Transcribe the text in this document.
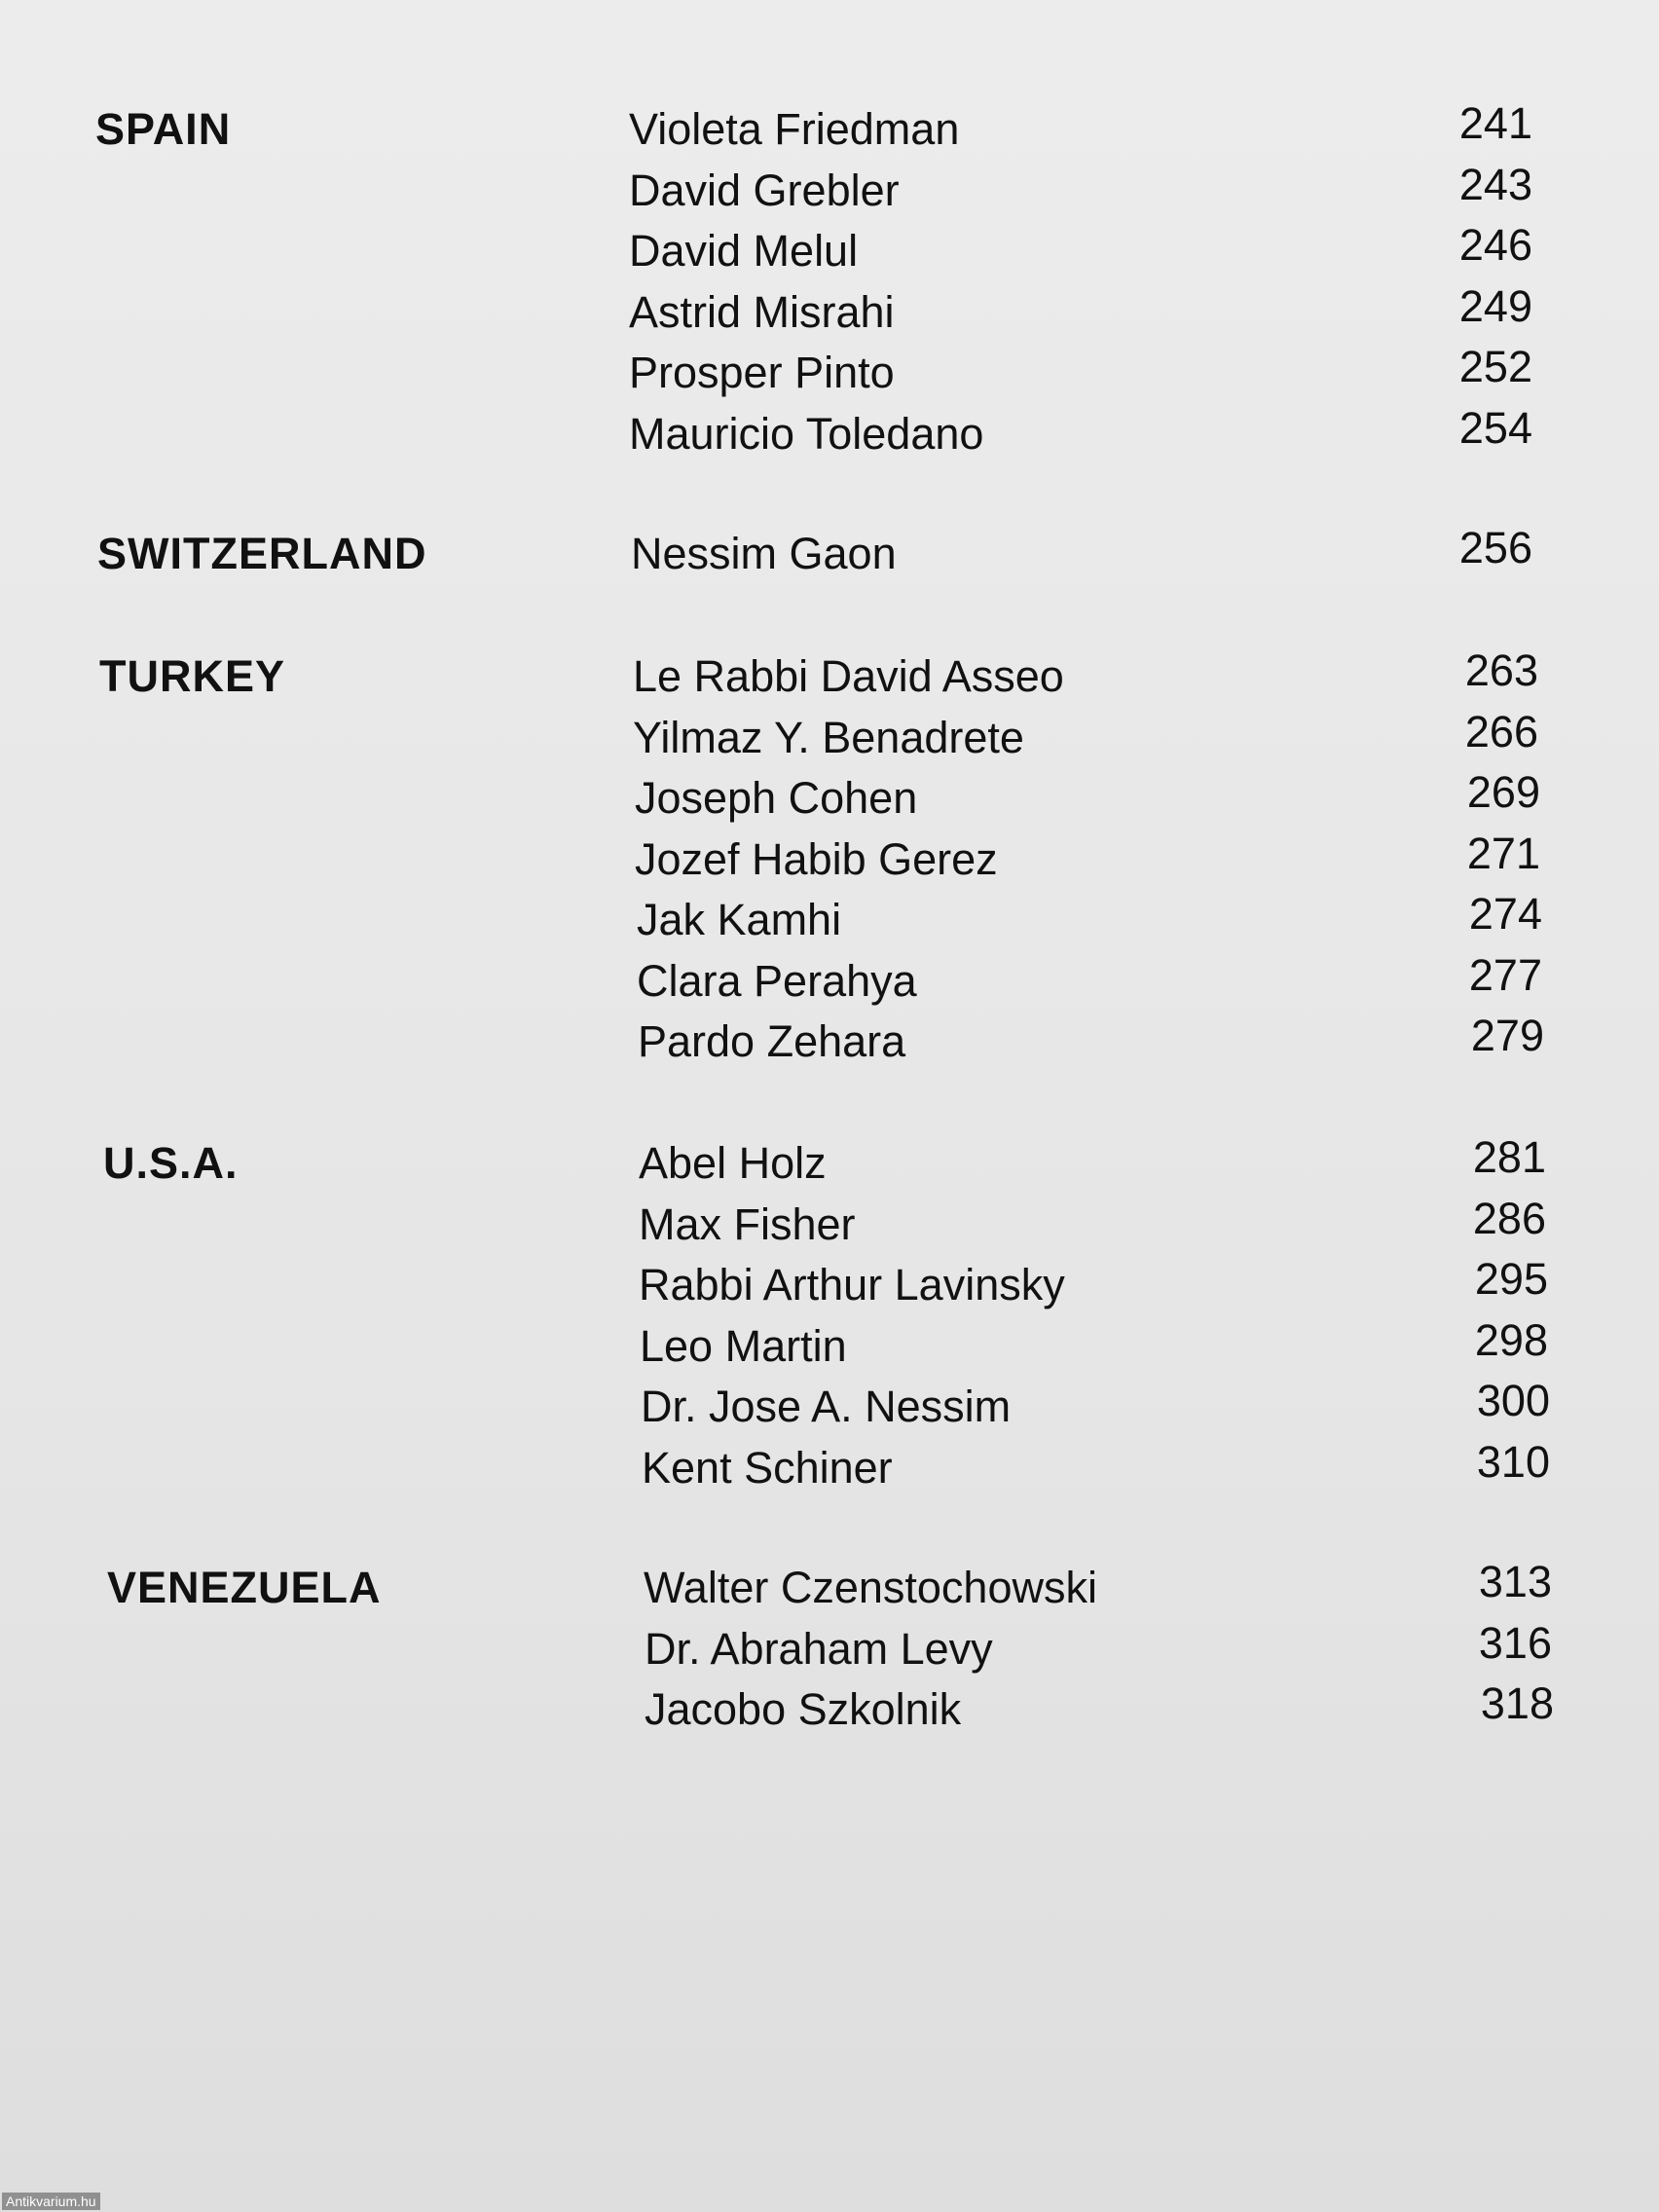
SPAIN	Violeta Friedman	241
David Grebler	243
David Melul	246
Astrid Misrahi	249
Prosper Pinto	252
Mauricio Toledano	254
SWITZERLAND	Nessim Gaon	256
TURKEY	Le Rabbi David Asseo	263
Yilmaz Y. Benadrete	266
Joseph Cohen	269
Jozef Habib Gerez	271
Jak Kamhi	274
Clara Perahya	277
Pardo Zehara	279
U.S.A.	Abel Holz	281
Max Fisher	286
Rabbi Arthur Lavinsky	295
Leo Martin	298
Dr. Jose A. Nessim	300
Kent Schiner	310
VENEZUELA	Walter Czenstochowski	313
Dr. Abraham Levy	316
Jacobo Szkolnik	318
Antikvarium.hu
